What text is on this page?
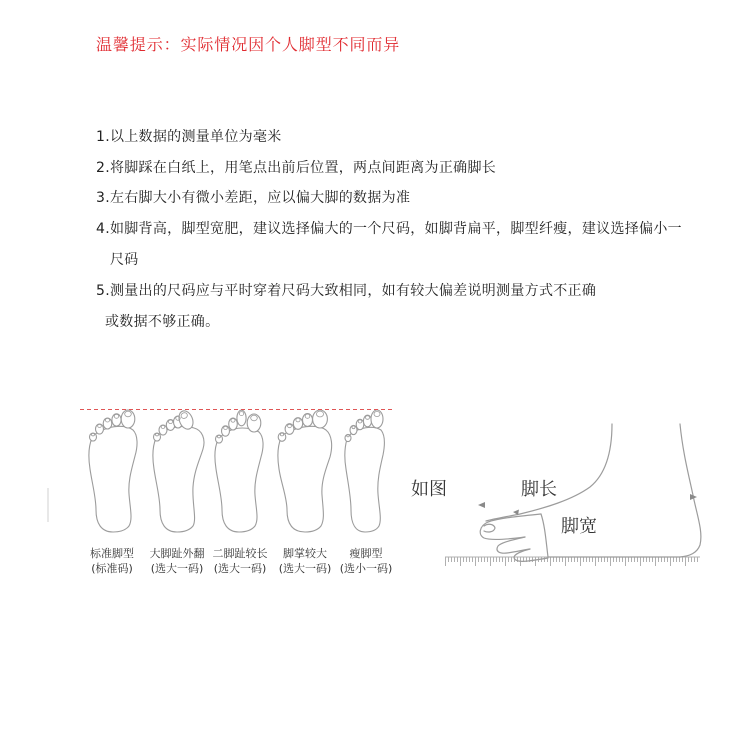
温馨提示：实际情况因个人脚型不同而异
1.以上数据的测量单位为毫米
2.将脚踩在白纸上，用笔点出前后位置，两点间距离为正确脚长
3.左右脚大小有微小差距，应以偏大脚的数据为准
4.如脚背高，脚型宽肥，建议选择偏大的一个尺码，如脚背扁平，脚型纤瘦，建议选择偏小一
尺码
5.测量出的尺码应与平时穿着尺码大致相同，如有较大偏差说明测量方式不正确
或数据不够正确。
标准脚型
(标准码)
大脚趾外翻
(选大一码)
二脚趾较长
(选大一码)
脚掌较大
(选大一码)
瘦脚型
(选小一码)
如图	脚长
脚宽
